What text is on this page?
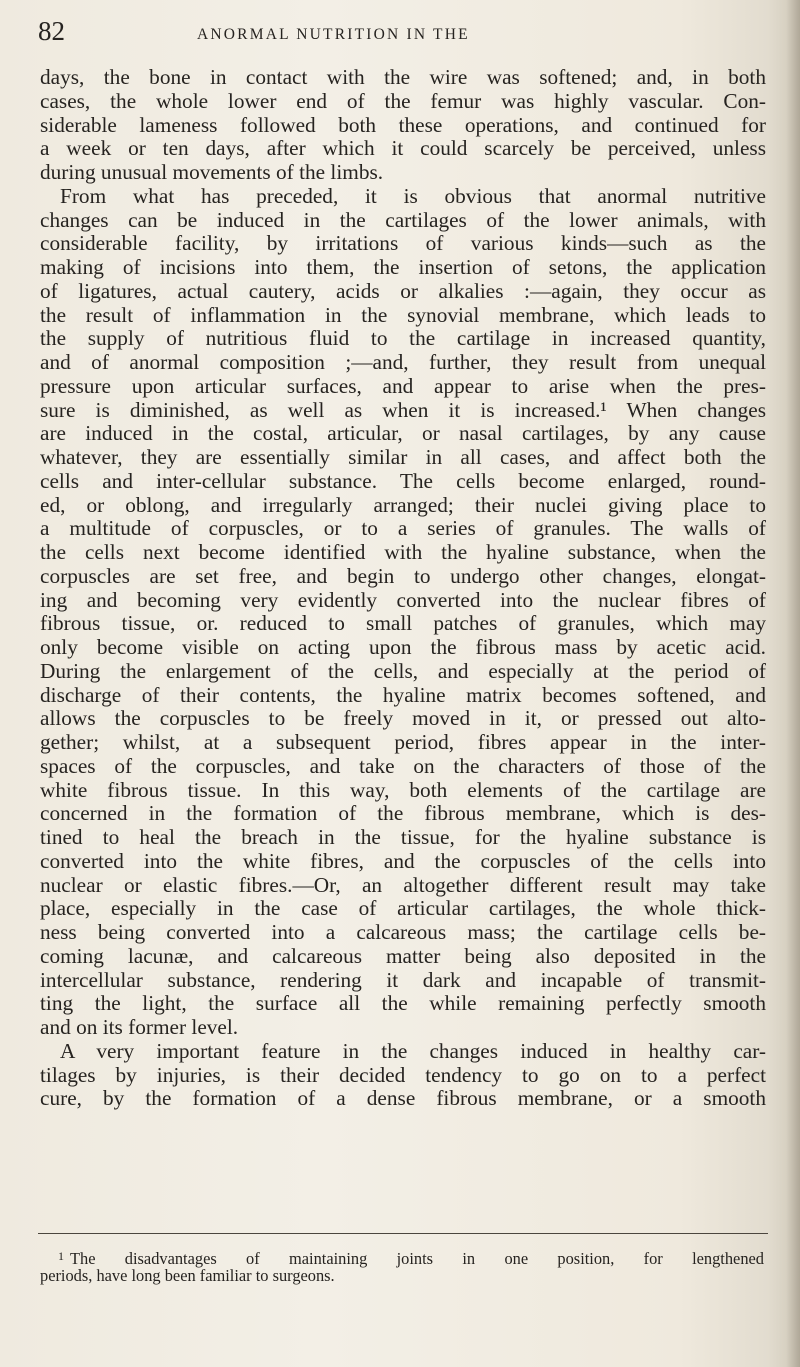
82	ANORMAL NUTRITION IN THE
days, the bone in contact with the wire was softened; and, in both
cases, the whole lower end of the femur was highly vascular. Con-
siderable lameness followed both these operations, and continued for
a week or ten days, after which it could scarcely be perceived, unless
during unusual movements of the limbs.
From what has preceded, it is obvious that anormal nutritive
changes can be induced in the cartilages of the lower animals, with
considerable facility, by irritations of various kinds—such as the
making of incisions into them, the insertion of setons, the application
of ligatures, actual cautery, acids or alkalies :—again, they occur as
the result of inflammation in the synovial membrane, which leads to
the supply of nutritious fluid to the cartilage in increased quantity,
and of anormal composition ;—and, further, they result from unequal
pressure upon articular surfaces, and appear to arise when the pres-
sure is diminished, as well as when it is increased.¹ When changes
are induced in the costal, articular, or nasal cartilages, by any cause
whatever, they are essentially similar in all cases, and affect both the
cells and inter-cellular substance. The cells become enlarged, round-
ed, or oblong, and irregularly arranged; their nuclei giving place to
a multitude of corpuscles, or to a series of granules. The walls of
the cells next become identified with the hyaline substance, when the
corpuscles are set free, and begin to undergo other changes, elongat-
ing and becoming very evidently converted into the nuclear fibres of
fibrous tissue, or. reduced to small patches of granules, which may
only become visible on acting upon the fibrous mass by acetic acid.
During the enlargement of the cells, and especially at the period of
discharge of their contents, the hyaline matrix becomes softened, and
allows the corpuscles to be freely moved in it, or pressed out alto-
gether; whilst, at a subsequent period, fibres appear in the inter-
spaces of the corpuscles, and take on the characters of those of the
white fibrous tissue. In this way, both elements of the cartilage are
concerned in the formation of the fibrous membrane, which is des-
tined to heal the breach in the tissue, for the hyaline substance is
converted into the white fibres, and the corpuscles of the cells into
nuclear or elastic fibres.—Or, an altogether different result may take
place, especially in the case of articular cartilages, the whole thick-
ness being converted into a calcareous mass; the cartilage cells be-
coming lacunæ, and calcareous matter being also deposited in the
intercellular substance, rendering it dark and incapable of transmit-
ting the light, the surface all the while remaining perfectly smooth
and on its former level.
A very important feature in the changes induced in healthy car-
tilages by injuries, is their decided tendency to go on to a perfect
cure, by the formation of a dense fibrous membrane, or a smooth
$^1$ The disadvantages of maintaining joints in one position, for lengthened
periods, have long been familiar to surgeons.
